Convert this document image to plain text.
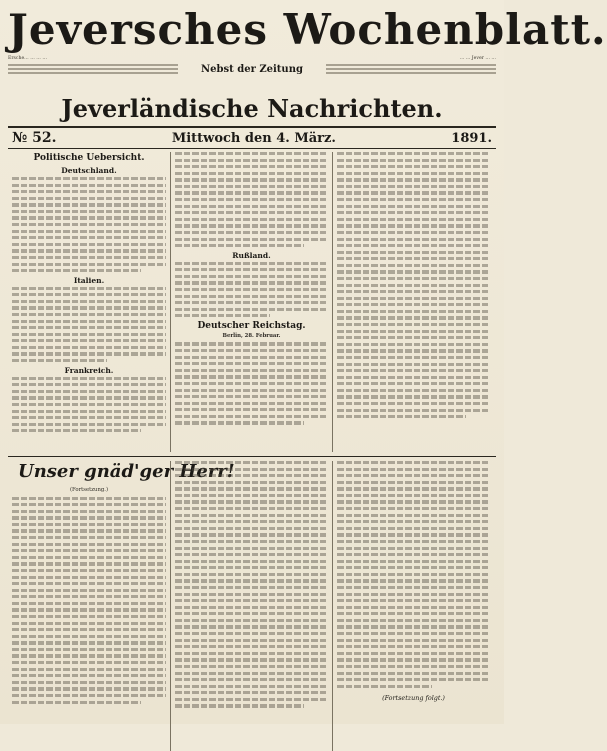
Jeversches Wochenblatt.
Ersche… … … …
Nebst der Zeitung
… … Jever … …
Jeverländische Nachrichten.
№ 52.	Mittwoch den 4. März.	1891.
Politische Uebersicht.
Deutschland.
Italien.
Frankreich.
Rußland.
Deutscher Reichstag.
Berlin, 28. Februar.
Unser gnäd'ger Herr!
(Fortsetzung.)
(Fortsetzung folgt.)
